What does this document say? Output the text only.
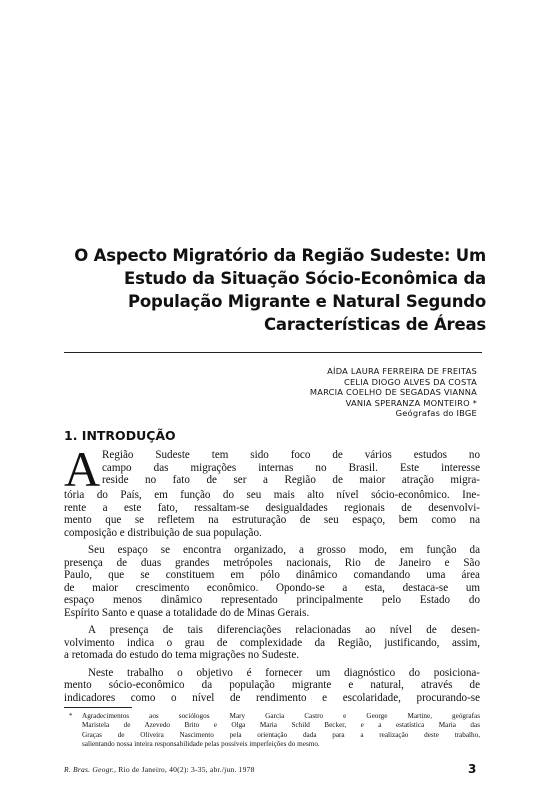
O Aspecto Migratório da Região Sudeste: Um
Estudo da Situação Sócio-Econômica da
População Migrante e Natural Segundo
Características de Áreas
AÍDA LAURA FERREIRA DE FREITAS
CELIA DIOGO ALVES DA COSTA
MARCIA COELHO DE SEGADAS VIANNA
VANIA SPERANZA MONTEIRO *
Geógrafas do IBGE
1. INTRODUÇÃO
A Região Sudeste tem sido foco de vários estudos no
campo das migrações internas no Brasil. Este interesse
reside no fato de ser a Região de maior atração migra-
tória do País, em função do seu mais alto nível sócio-econômico. Ine-
rente a este fato, ressaltam-se desigualdades regionais de desenvolvi-
mento que se refletem na estruturação de seu espaço, bem como na
composição e distribuição de sua população.
Seu espaço se encontra organizado, a grosso modo, em função da
presença de duas grandes metrópoles nacionais, Rio de Janeiro e São
Paulo, que se constituem em pólo dinâmico comandando uma área
de maior crescimento econômico. Opondo-se a esta, destaca-se um
espaço menos dinâmico representado principalmente pelo Estado do
Espírito Santo e quase a totalidade do de Minas Gerais.
A presença de tais diferenciações relacionadas ao nível de desen-
volvimento indica o grau de complexidade da Região, justificando, assim,
a retomada do estudo do tema migrações no Sudeste.
Neste trabalho o objetivo é fornecer um diagnóstico do posiciona-
mento sócio-econômico da população migrante e natural, através de
indicadores como o nível de rendimento e escolaridade, procurando-se
* Agradecimentos aos sociólogos Mary Garcia Castro e George Martine, geógrafas
Maristela de Azevedo Brito e Olga Maria Schild Becker, e a estatística Maria das
Graças de Oliveira Nascimento pela orientação dada para a realização deste trabalho,
salientando nossa inteira responsabilidade pelas possíveis imperfeições do mesmo.
R. Bras. Geogr., Rio de Janeiro, 40(2): 3-35, abr./jun. 1978	3
